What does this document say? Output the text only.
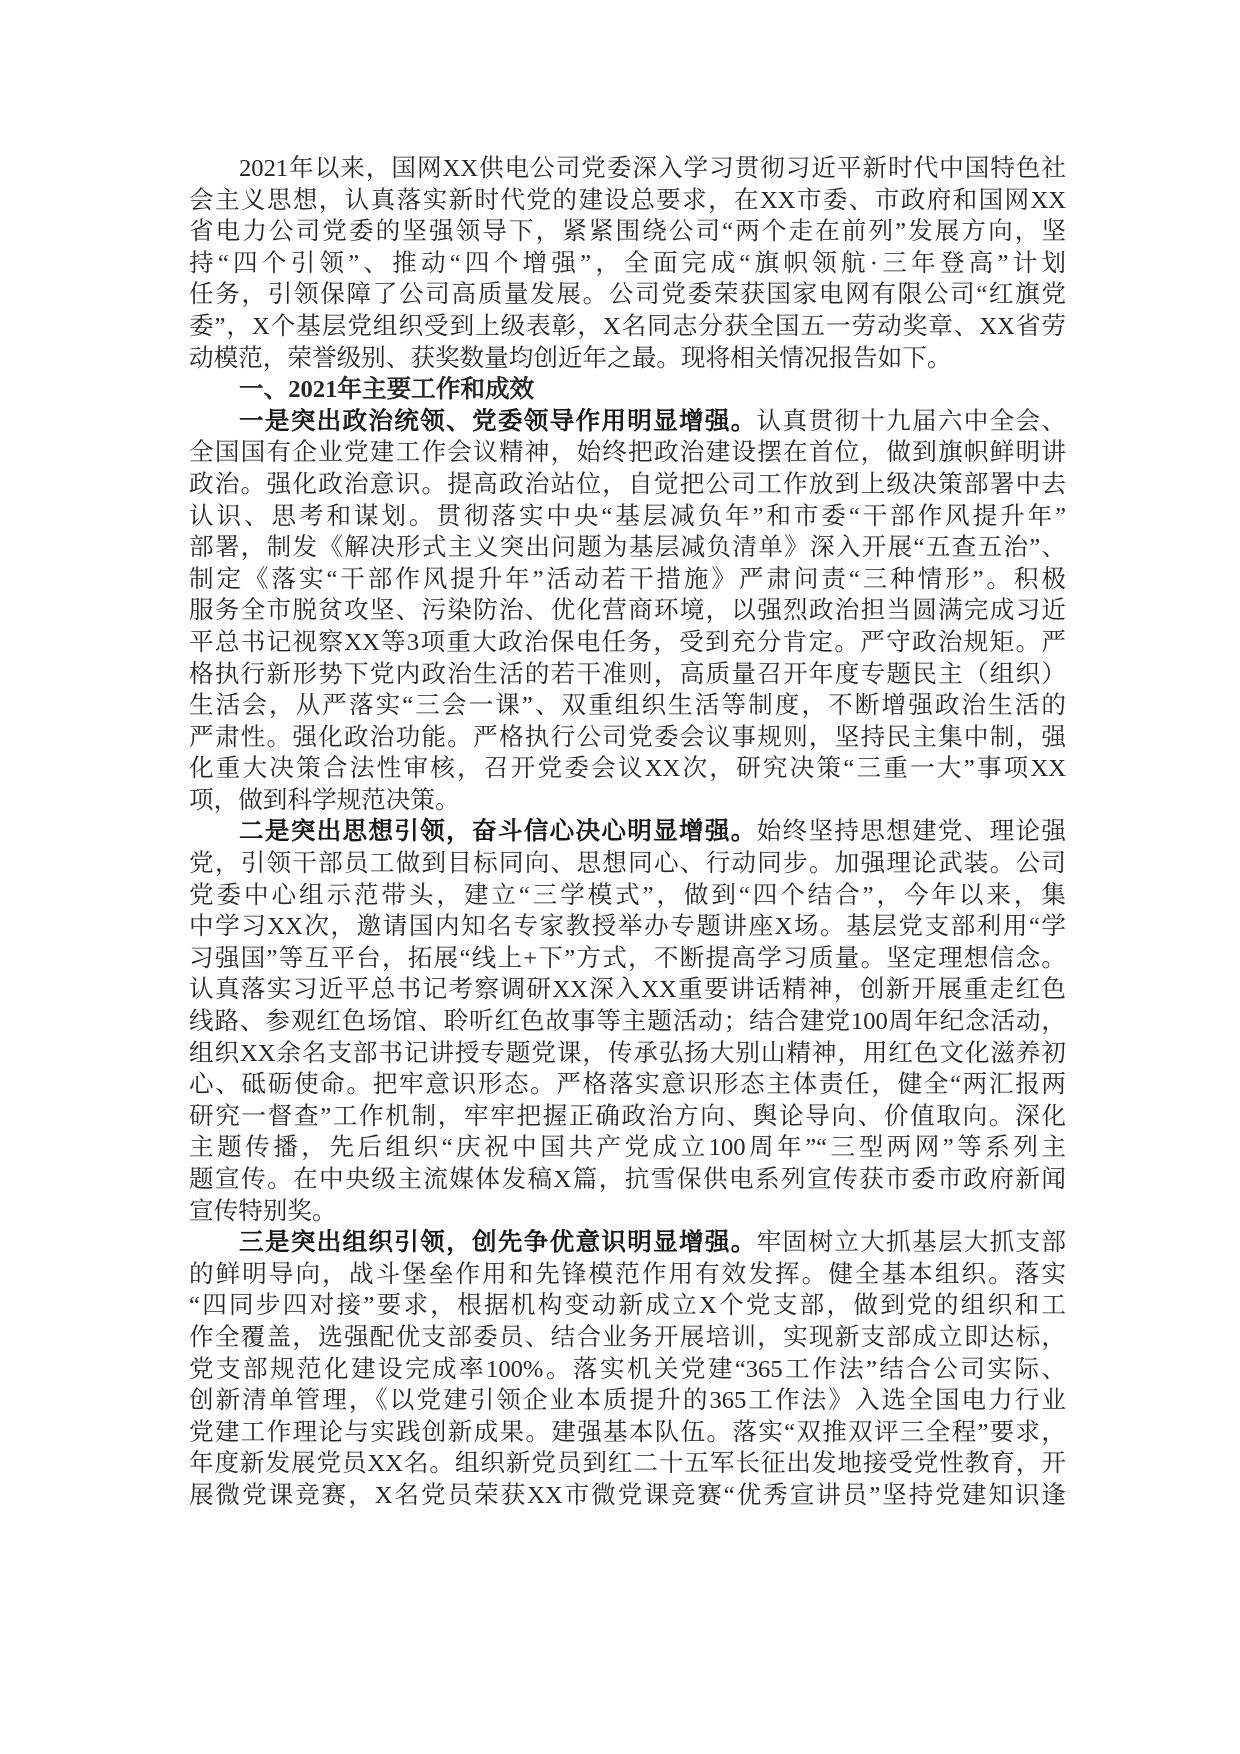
2021年以来，国网XX供电公司党委深入学习贯彻习近平新时代中国特色社
会主义思想，认真落实新时代党的建设总要求，在XX市委、市政府和国网XX
省电力公司党委的坚强领导下，紧紧围绕公司“两个走在前列”发展方向，坚
持“四个引领”、推动“四个增强”，全面完成“旗帜领航·三年登高”计划
任务，引领保障了公司高质量发展。公司党委荣获国家电网有限公司“红旗党
委”，X个基层党组织受到上级表彰，X名同志分获全国五一劳动奖章、XX省劳
动模范，荣誉级别、获奖数量均创近年之最。现将相关情况报告如下。
一、2021年主要工作和成效
一是突出政治统领、党委领导作用明显增强。认真贯彻十九届六中全会、
全国国有企业党建工作会议精神，始终把政治建设摆在首位，做到旗帜鲜明讲
政治。强化政治意识。提高政治站位，自觉把公司工作放到上级决策部署中去
认识、思考和谋划。贯彻落实中央“基层减负年”和市委“干部作风提升年”
部署，制发《解决形式主义突出问题为基层减负清单》深入开展“五查五治”、
制定《落实“干部作风提升年”活动若干措施》严肃问责“三种情形”。积极
服务全市脱贫攻坚、污染防治、优化营商环境，以强烈政治担当圆满完成习近
平总书记视察XX等3项重大政治保电任务，受到充分肯定。严守政治规矩。严
格执行新形势下党内政治生活的若干准则，高质量召开年度专题民主（组织）
生活会，从严落实“三会一课”、双重组织生活等制度，不断增强政治生活的
严肃性。强化政治功能。严格执行公司党委会议事规则，坚持民主集中制，强
化重大决策合法性审核，召开党委会议XX次，研究决策“三重一大”事项XX
项，做到科学规范决策。
二是突出思想引领，奋斗信心决心明显增强。始终坚持思想建党、理论强
党，引领干部员工做到目标同向、思想同心、行动同步。加强理论武装。公司
党委中心组示范带头，建立“三学模式”，做到“四个结合”，今年以来，集
中学习XX次，邀请国内知名专家教授举办专题讲座X场。基层党支部利用“学
习强国”等互平台，拓展“线上+下”方式，不断提高学习质量。坚定理想信念。
认真落实习近平总书记考察调研XX深入XX重要讲话精神，创新开展重走红色
线路、参观红色场馆、聆听红色故事等主题活动；结合建党100周年纪念活动，
组织XX余名支部书记讲授专题党课，传承弘扬大别山精神，用红色文化滋养初
心、砥砺使命。把牢意识形态。严格落实意识形态主体责任，健全“两汇报两
研究一督查”工作机制，牢牢把握正确政治方向、舆论导向、价值取向。深化
主题传播，先后组织“庆祝中国共产党成立100周年”“三型两网”等系列主
题宣传。在中央级主流媒体发稿X篇，抗雪保供电系列宣传获市委市政府新闻
宣传特别奖。
三是突出组织引领，创先争优意识明显增强。牢固树立大抓基层大抓支部
的鲜明导向，战斗堡垒作用和先锋模范作用有效发挥。健全基本组织。落实
“四同步四对接”要求，根据机构变动新成立X个党支部，做到党的组织和工
作全覆盖，选强配优支部委员、结合业务开展培训，实现新支部成立即达标，
党支部规范化建设完成率100%。落实机关党建“365工作法”结合公司实际、
创新清单管理，《以党建引领企业本质提升的365工作法》入选全国电力行业
党建工作理论与实践创新成果。建强基本队伍。落实“双推双评三全程”要求，
年度新发展党员XX名。组织新党员到红二十五军长征出发地接受党性教育，开
展微党课竞赛，X名党员荣获XX市微党课竞赛“优秀宣讲员”坚持党建知识逢
